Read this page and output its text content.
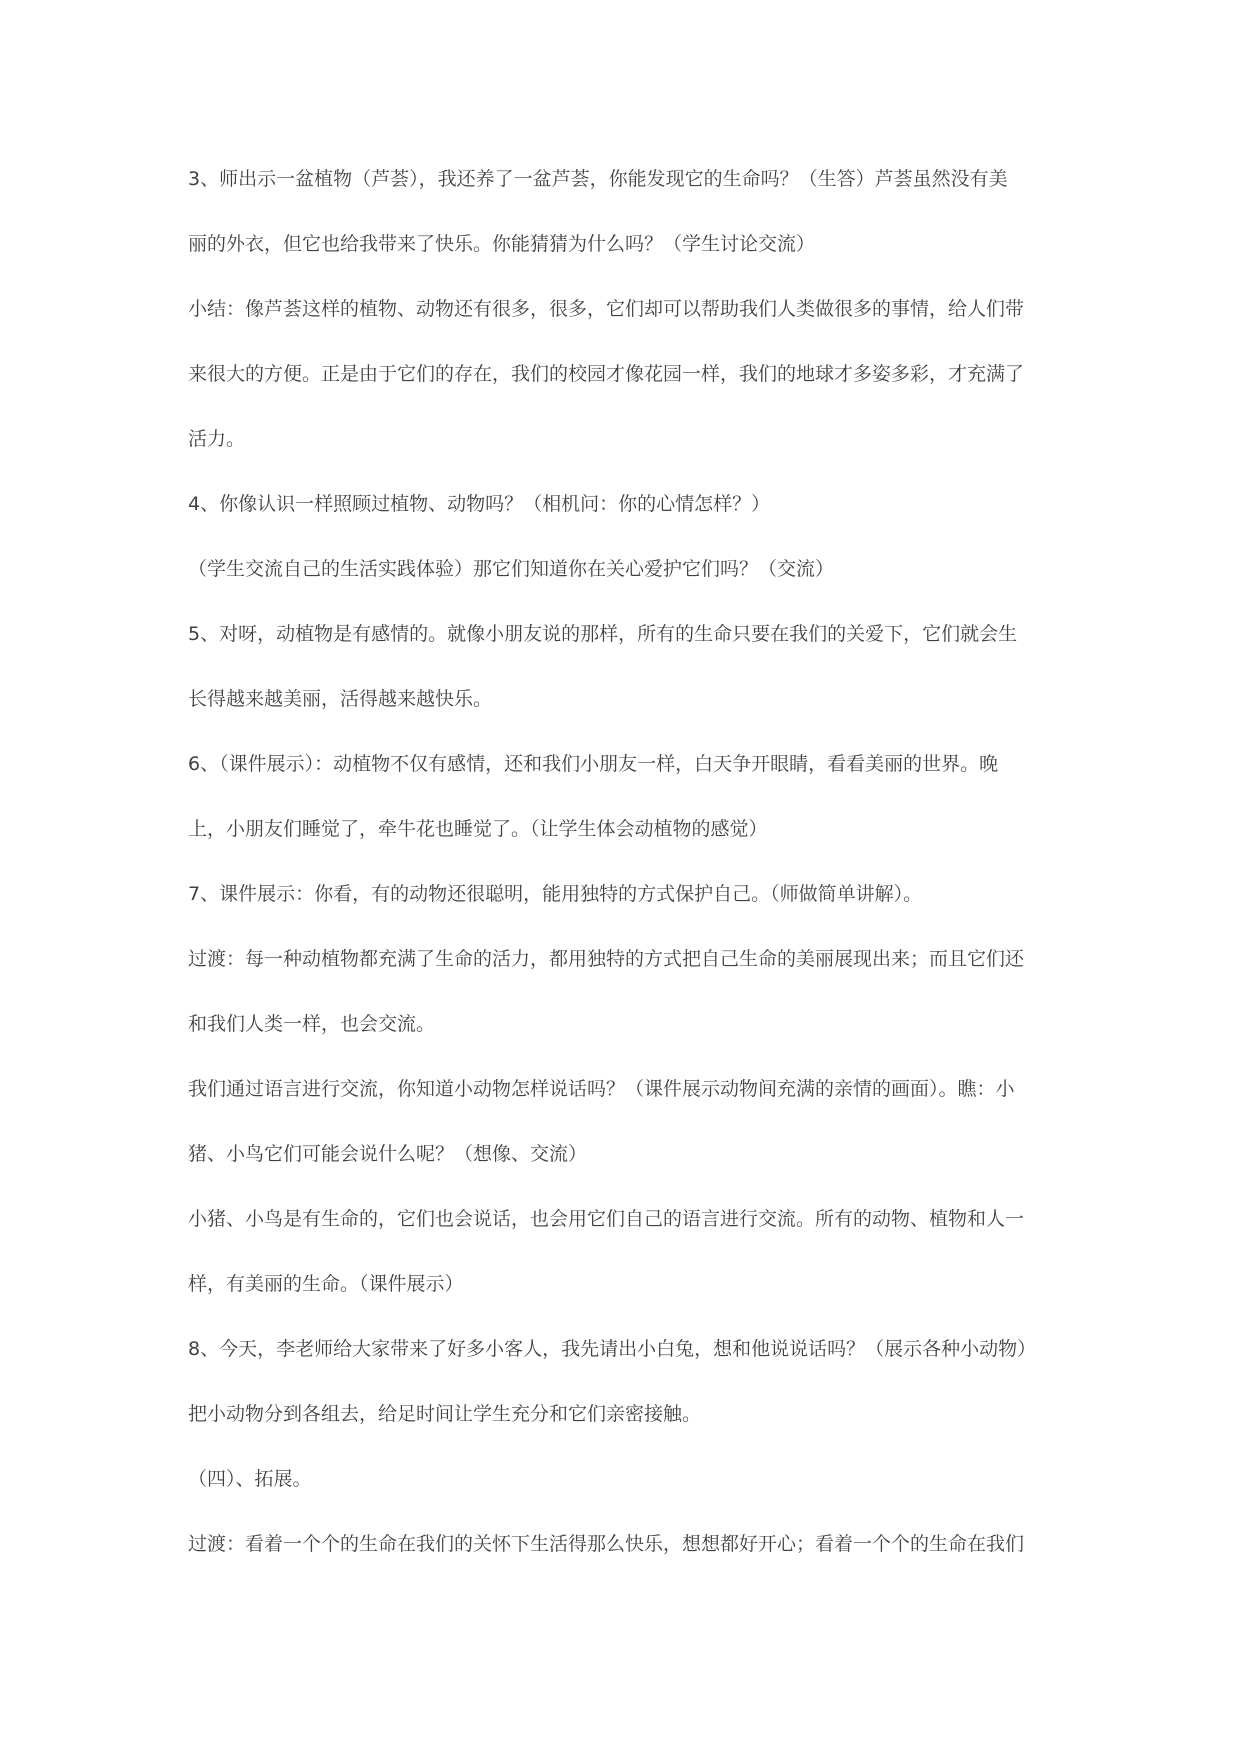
3、师出示一盆植物（芦荟），我还养了一盆芦荟，你能发现它的生命吗？（生答）芦荟虽然没有美
丽的外衣，但它也给我带来了快乐。你能猜猜为什么吗？（学生讨论交流）
小结：像芦荟这样的植物、动物还有很多，很多，它们却可以帮助我们人类做很多的事情，给人们带
来很大的方便。正是由于它们的存在，我们的校园才像花园一样，我们的地球才多姿多彩，才充满了
活力。
4、你像认识一样照顾过植物、动物吗？（相机问：你的心情怎样？）
（学生交流自己的生活实践体验）那它们知道你在关心爱护它们吗？（交流）
5、对呀，动植物是有感情的。就像小朋友说的那样，所有的生命只要在我们的关爱下，它们就会生
长得越来越美丽，活得越来越快乐。
6、（课件展示）：动植物不仅有感情，还和我们小朋友一样，白天争开眼睛，看看美丽的世界。晚
上，小朋友们睡觉了，牵牛花也睡觉了。（让学生体会动植物的感觉）
7、课件展示：你看，有的动物还很聪明，能用独特的方式保护自己。（师做简单讲解）。
过渡：每一种动植物都充满了生命的活力，都用独特的方式把自己生命的美丽展现出来；而且它们还
和我们人类一样，也会交流。
我们通过语言进行交流，你知道小动物怎样说话吗？（课件展示动物间充满的亲情的画面）。瞧：小
猪、小鸟它们可能会说什么呢？（想像、交流）
小猪、小鸟是有生命的，它们也会说话，也会用它们自己的语言进行交流。所有的动物、植物和人一
样，有美丽的生命。（课件展示）
8、今天，李老师给大家带来了好多小客人，我先请出小白兔，想和他说说话吗？（展示各种小动物）
把小动物分到各组去，给足时间让学生充分和它们亲密接触。
（四）、拓展。
过渡：看着一个个的生命在我们的关怀下生活得那么快乐，想想都好开心；看着一个个的生命在我们
